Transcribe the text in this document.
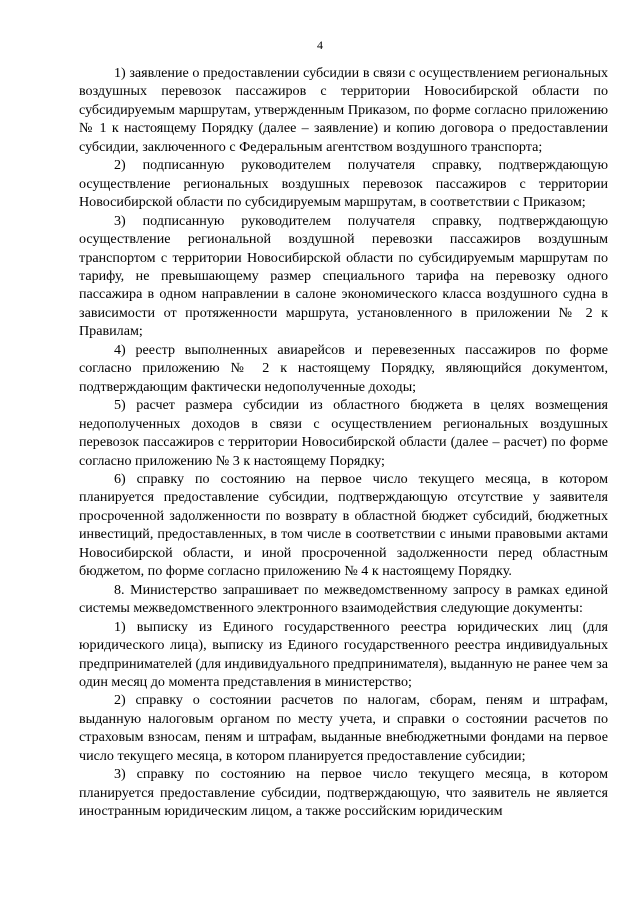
4

1) заявление о предоставлении субсидии в связи с осуществлением региональных воздушных перевозок пассажиров с территории Новосибирской области по субсидируемым маршрутам, утвержденным Приказом, по форме согласно приложению № 1 к настоящему Порядку (далее – заявление) и копию договора о предоставлении субсидии, заключенного с Федеральным агентством воздушного транспорта;

2) подписанную руководителем получателя справку, подтверждающую осуществление региональных воздушных перевозок пассажиров с территории Новосибирской области по субсидируемым маршрутам, в соответствии с Приказом;

3) подписанную руководителем получателя справку, подтверждающую осуществление региональной воздушной перевозки пассажиров воздушным транспортом с территории Новосибирской области по субсидируемым маршрутам по тарифу, не превышающему размер специального тарифа на перевозку одного пассажира в одном направлении в салоне экономического класса воздушного судна в зависимости от протяженности маршрута, установленного в приложении № 2 к Правилам;

4) реестр выполненных авиарейсов и перевезенных пассажиров по форме согласно приложению № 2 к настоящему Порядку, являющийся документом, подтверждающим фактически недополученные доходы;

5) расчет размера субсидии из областного бюджета в целях возмещения недополученных доходов в связи с осуществлением региональных воздушных перевозок пассажиров с территории Новосибирской области (далее – расчет) по форме согласно приложению № 3 к настоящему Порядку;

6) справку по состоянию на первое число текущего месяца, в котором планируется предоставление субсидии, подтверждающую отсутствие у заявителя просроченной задолженности по возврату в областной бюджет субсидий, бюджетных инвестиций, предоставленных, в том числе в соответствии с иными правовыми актами Новосибирской области, и иной просроченной задолженности перед областным бюджетом, по форме согласно приложению № 4 к настоящему Порядку.

8. Министерство запрашивает по межведомственному запросу в рамках единой системы межведомственного электронного взаимодействия следующие документы:

1) выписку из Единого государственного реестра юридических лиц (для юридического лица), выписку из Единого государственного реестра индивидуальных предпринимателей (для индивидуального предпринимателя), выданную не ранее чем за один месяц до момента представления в министерство;

2) справку о состоянии расчетов по налогам, сборам, пеням и штрафам, выданную налоговым органом по месту учета, и справки о состоянии расчетов по страховым взносам, пеням и штрафам, выданные внебюджетными фондами на первое число текущего месяца, в котором планируется предоставление субсидии;

3) справку по состоянию на первое число текущего месяца, в котором планируется предоставление субсидии, подтверждающую, что заявитель не является иностранным юридическим лицом, а также российским юридическим
